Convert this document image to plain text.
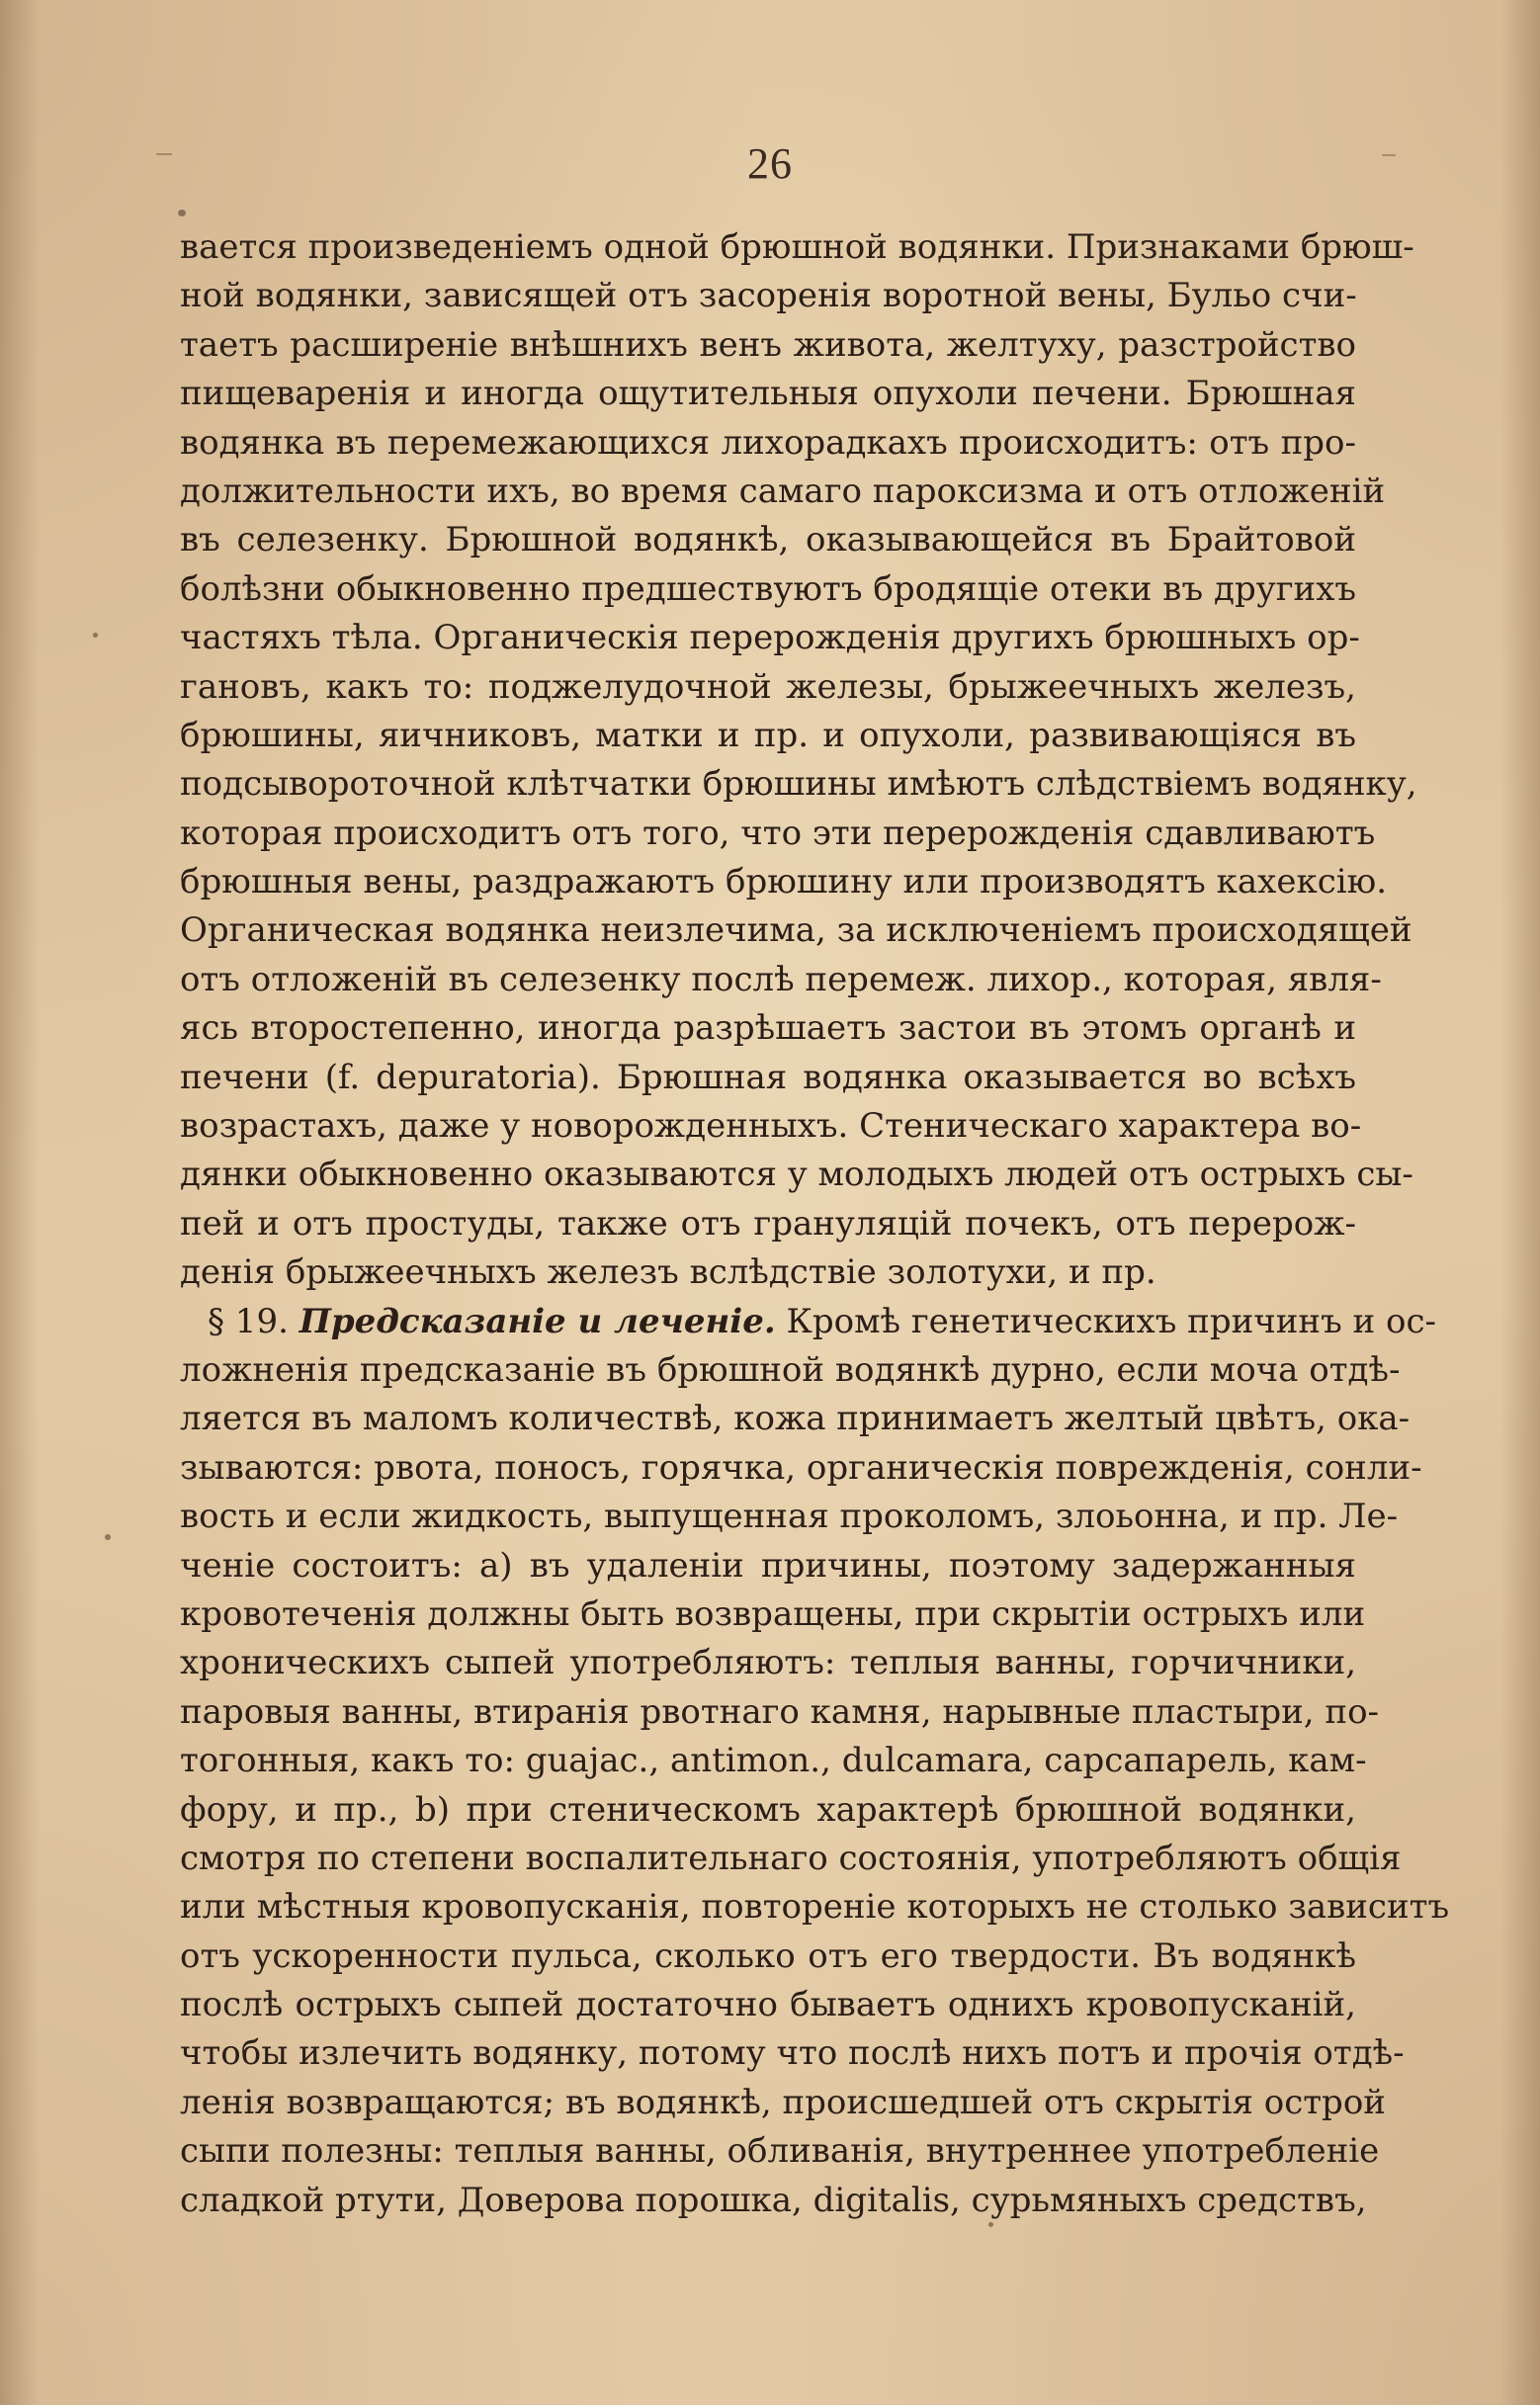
26
вается произведеніемъ одной брюшной водянки. Признаками брюш-
ной водянки, зависящей отъ засоренія воротной вены, Бульо счи-
таетъ расширеніе внѣшнихъ венъ живота, желтуху, разстройство
пищеваренія и иногда ощутительныя опухоли печени. Брюшная
водянка въ перемежающихся лихорадкахъ происходитъ: отъ про-
должительности ихъ, во время самаго пароксизма и отъ отложеній
въ селезенку. Брюшной водянкѣ, оказывающейся въ Брайтовой
болѣзни обыкновенно предшествуютъ бродящіе отеки въ другихъ
частяхъ тѣла. Органическія перерожденія другихъ брюшныхъ ор-
гановъ, какъ то: поджелудочной железы, брыжеечныхъ железъ,
брюшины, яичниковъ, матки и пр. и опухоли, развивающіяся въ
подсывороточной клѣтчатки брюшины имѣютъ слѣдствіемъ водянку,
которая происходитъ отъ того, что эти перерожденія сдавливаютъ
брюшныя вены, раздражаютъ брюшину или производятъ кахексію.
Органическая водянка неизлечима, за исключеніемъ происходящей
отъ отложеній въ селезенку послѣ перемеж. лихор., которая, явля-
ясь второстепенно, иногда разрѣшаетъ застои въ этомъ органѣ и
печени (f. depuratoria). Брюшная водянка оказывается во всѣхъ
возрастахъ, даже у новорожденныхъ. Стеническаго характера во-
дянки обыкновенно оказываются у молодыхъ людей отъ острыхъ сы-
пей и отъ простуды, также отъ грануляцій почекъ, отъ перерож-
денія брыжеечныхъ железъ вслѣдствіе золотухи, и пр.
§ 19. Предсказаніе и леченіе. Кромѣ генетическихъ причинъ и ос-
ложненія предсказаніе въ брюшной водянкѣ дурно, если моча отдѣ-
ляется въ маломъ количествѣ, кожа принимаетъ желтый цвѣтъ, ока-
зываются: рвота, поносъ, горячка, органическія поврежденія, сонли-
вость и если жидкость, выпущенная прокoломъ, злоьонна, и пр. Ле-
ченіе состоитъ: a) въ удаленіи причины, поэтому задержанныя
кровотеченія должны быть возвращены, при скрытіи острыхъ или
хроническихъ сыпей употребляютъ: теплыя ванны, горчичники,
паровыя ванны, втиранія рвотнаго камня, нарывные пластыри, по-
тогонныя, какъ то: guajac., antimon., dulcamara, сарсапарель, кам-
фору, и пр., b) при стеническомъ характерѣ брюшной водянки,
смотря по степени воспалительнаго состоянія, употребляютъ общія
или мѣстныя кровопусканія, повтореніе которыхъ не столько зависитъ
отъ ускоренности пульса, сколько отъ его твердости. Въ водянкѣ
послѣ острыхъ сыпей достаточно бываетъ однихъ кровопусканій,
чтобы излечить водянку, потому что послѣ нихъ потъ и прочія отдѣ-
ленія возвращаются; въ водянкѣ, происшедшей отъ скрытія острой
сыпи полезны: теплыя ванны, обливанія, внутреннее употребленіе
сладкой ртути, Доверова порошка, digitalis, сурьмяныхъ средствъ,
